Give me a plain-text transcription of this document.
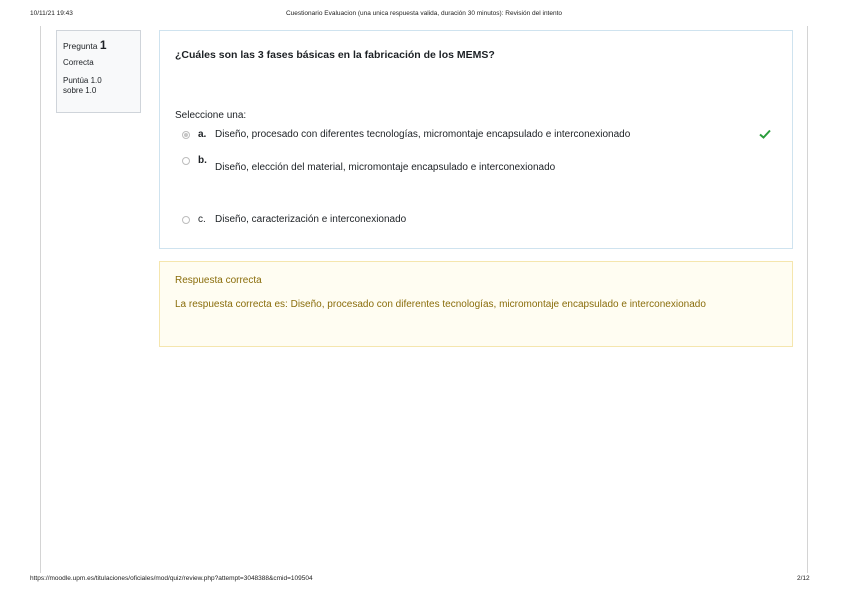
10/11/21 19:43	Cuestionario Evaluacion (una unica respuesta valida, duración 30 minutos): Revisión del intento
Pregunta 1
Correcta
Puntúa 1.0 sobre 1.0
¿Cuáles son las 3 fases básicas en la fabricación de los MEMS?
Seleccione una:
a. Diseño, procesado con diferentes tecnologías, micromontaje encapsulado e interconexionado
b.
Diseño, elección del material, micromontaje encapsulado e interconexionado
c. Diseño, caracterización e interconexionado
Respuesta correcta
La respuesta correcta es: Diseño, procesado con diferentes tecnologías, micromontaje encapsulado e interconexionado
https://moodle.upm.es/titulaciones/oficiales/mod/quiz/review.php?attempt=3048388&cmid=109504	2/12
